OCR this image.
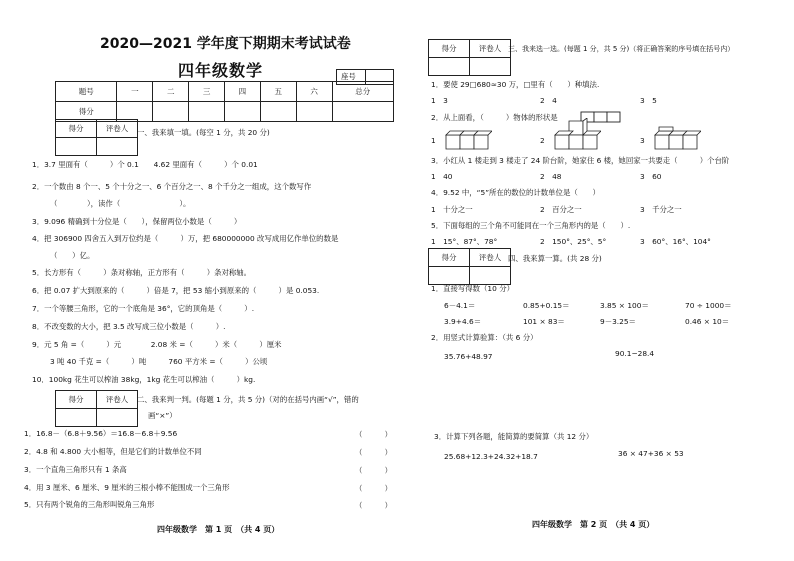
2020—2021 学年度下期期末考试试卷
四年级数学	座号
题号	一	二	三	四	五	六	总分
得分							
得分	评卷人
	一、我来填一填。(每空 1 分，共 20 分)
1．3.7 里面有（　　　）个 0.1　　4.62 里面有（　　　）个 0.01
2．一个数由 8 个一、5 个十分之一、6 个百分之一、8 个千分之一组成，这个数写作
（　　　　），读作（　　　　　　　　）。
3．9.096 精确到十分位是（　　），保留两位小数是（　　　）
4．把 306900 四舍五入到万位约是（　　　）万，把 680000000 改写成用亿作单位的数是
（　　）亿。
5．长方形有（　　　）条对称轴，正方形有（　　　）条对称轴。
6．把 0.07 扩大到原来的（　　　）倍是 7，把 53 缩小到原来的（　　　）是 0.053.
7．一个等腰三角形，它的一个底角是 36°，它的顶角是（　　　）.
8．不改变数的大小，把 3.5 改写成三位小数是（　　　）.
9．元 5 角 =（　　　）元　　　　2.08 米 =（　　　）米（　　　）厘米
3 吨 40 千克 =（　　　）吨　　　760 平方米 =（　　　）公顷
10．100kg 花生可以榨油 38kg，1kg 花生可以榨油（　　　）kg.
得分	评卷人
	二、我来判一判。(每题 1 分，共 5 分)（对的在括号内画“√”，错的
画“×”）
1．16.8－（6.8＋9.56）＝16.8－6.8＋9.56	（　　　）
2．4.8 和 4.800 大小相等，但是它们的计数单位不同	（　　　）
3．一个直角三角形只有 1 条高	（　　　）
4．用 3 厘米、6 厘米、9 厘米的三根小棒不能围成一个三角形	（　　　）
5．只有两个锐角的三角形叫锐角三角形	（　　　）
四年级数学　第 1 页　（共 4 页）
得分	评卷人
	三、我来选一选。(每题 1 分，共 5 分)（将正确答案的序号填在括号内）
1．要使 29□680≈30 万，□里有（　　）种填法.
1　3	2　4	3　5
2．从上面看，（　　　）物体的形状是
1	2	3
3．小红从 1 楼走到 3 楼走了 24 阶台阶，她家住 6 楼，她回家一共要走（　　　）个台阶
1　40	2　48	3　60
4．9.52 中，“5”所在的数位的计数单位是（　　）
1　十分之一	2　百分之一	3　千分之一
5．下面每组的三个角不可能同在一个三角形内的是（　　）.
1　15°、87°、78°	2　150°、25°、5°	3　60°、16°、104°
得分	评卷人
	四、我来算一算。(共 28 分)
1．直接写得数（10 分）
6－4.1＝	0.85+0.15＝	3.85 × 100＝	70 ÷ 1000＝
3.9+4.6＝	101 × 83＝	9－3.25＝	0.46 × 10＝
2．用竖式计算验算：（共 6 分）
35.76+48.97	90.1−28.4
3．计算下列各题，能简算的要简算（共 12 分）
25.68+12.3+24.32+18.7	36 × 47+36 × 53
四年级数学　第 2 页　（共 4 页）
